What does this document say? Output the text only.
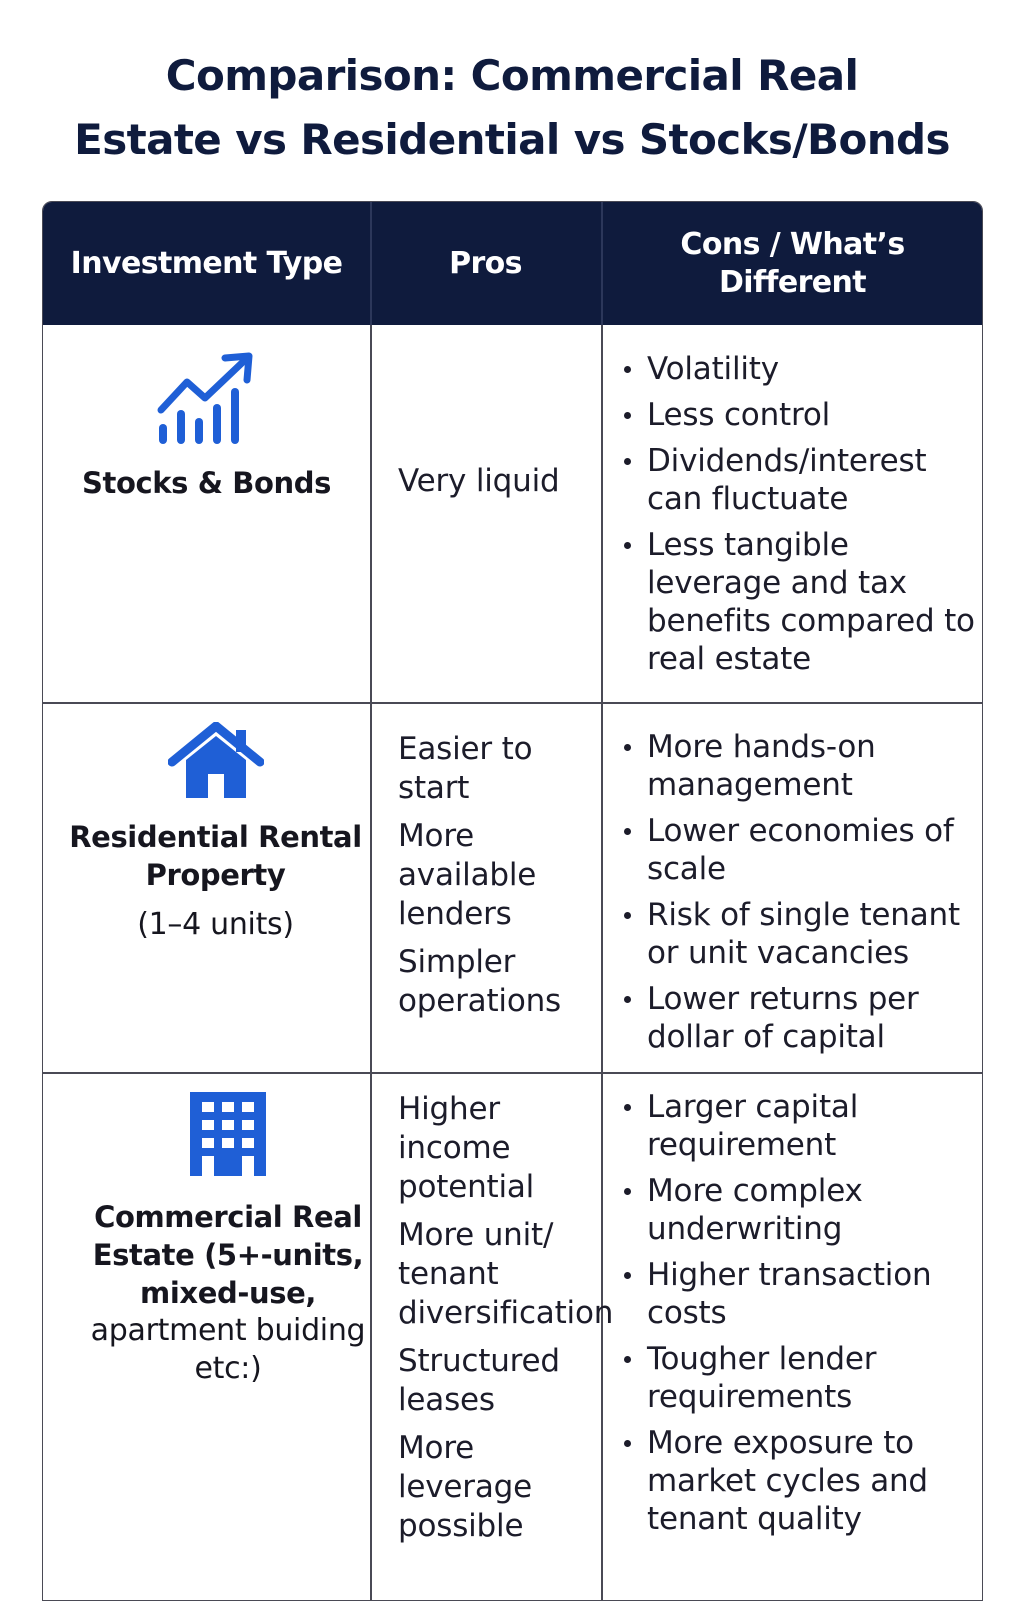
Comparison: Commercial Real
Estate vs Residential vs Stocks/Bonds
Investment Type	Pros
Cons / What’s Different
Stocks & Bonds	Very liquid
Volatility
Less control
Dividends/interest can fluctuate
Less tangible leverage and tax benefits compared to real estate
Residential Rental Property
(1–4 units)
Easier to start
More available lenders
Simpler operations
More hands-on management
Lower economies of scale
Risk of single tenant or unit vacancies
Lower returns per dollar of capital
Commercial Real Estate (5+-units, mixed-use,
apartment buiding etc:)
Higher income potential
More unit/ tenant diversification
Structured leases
More leverage possible
Larger capital requirement
More complex underwriting
Higher transaction costs
Tougher lender requirements
More exposure to market cycles and tenant quality
